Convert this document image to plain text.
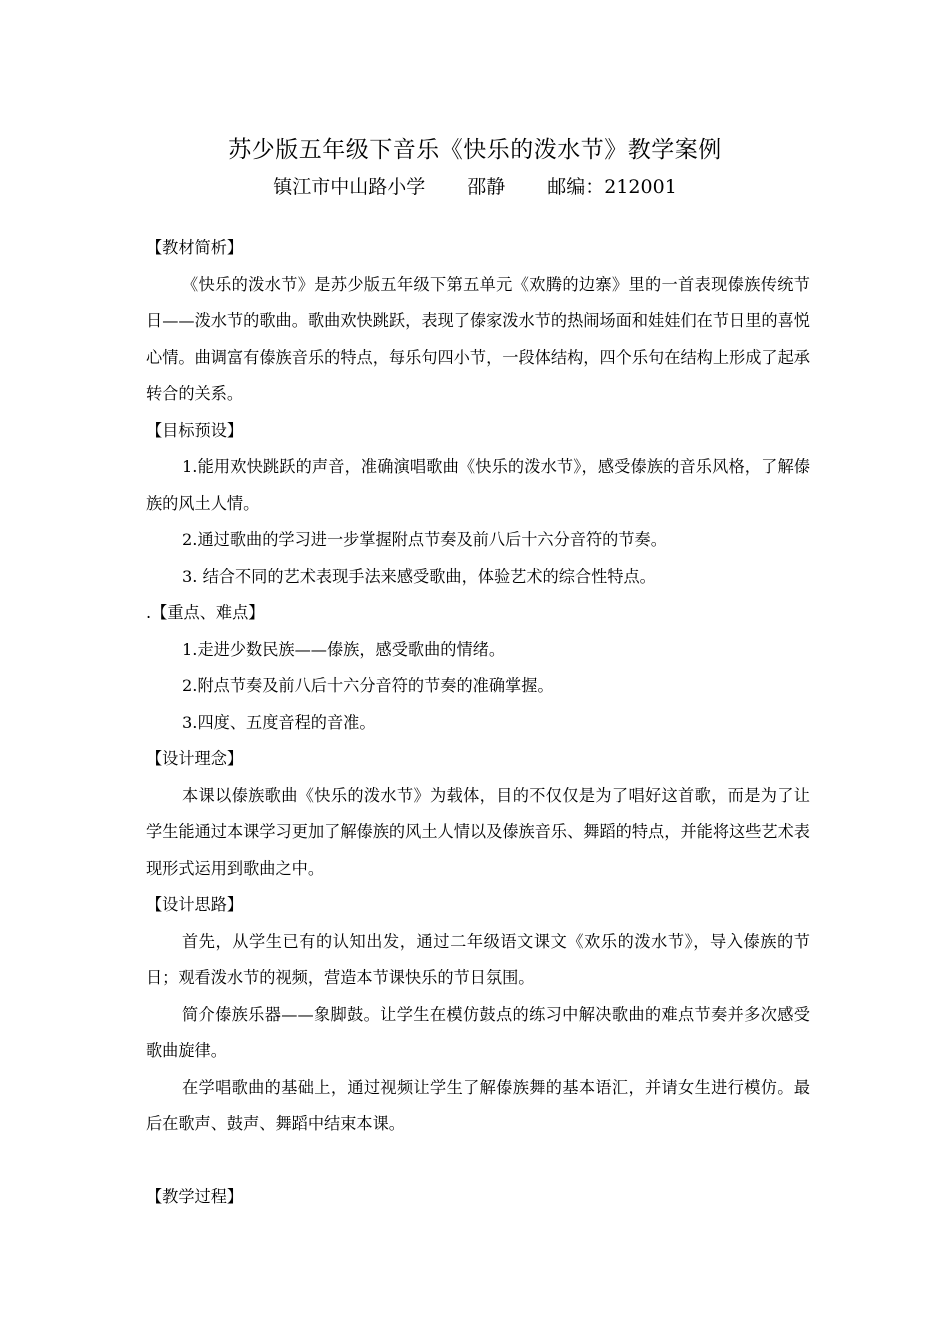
苏少版五年级下音乐《快乐的泼水节》教学案例
镇江市中山路小学 邵静 邮编：212001

【教材简析】

《快乐的泼水节》是苏少版五年级下第五单元《欢腾的边寨》里的一首表现傣族传统节日——泼水节的歌曲。歌曲欢快跳跃，表现了傣家泼水节的热闹场面和娃娃们在节日里的喜悦心情。曲调富有傣族音乐的特点，每乐句四小节，一段体结构，四个乐句在结构上形成了起承转合的关系。

【目标预设】

1.能用欢快跳跃的声音，准确演唱歌曲《快乐的泼水节》，感受傣族的音乐风格，了解傣族的风土人情。

2.通过歌曲的学习进一步掌握附点节奏及前八后十六分音符的节奏。

3. 结合不同的艺术表现手法来感受歌曲，体验艺术的综合性特点。

.【重点、难点】

1.走进少数民族——傣族，感受歌曲的情绪。

2.附点节奏及前八后十六分音符的节奏的准确掌握。

3.四度、五度音程的音准。

【设计理念】

本课以傣族歌曲《快乐的泼水节》为载体，目的不仅仅是为了唱好这首歌，而是为了让学生能通过本课学习更加了解傣族的风土人情以及傣族音乐、舞蹈的特点，并能将这些艺术表现形式运用到歌曲之中。

【设计思路】

首先，从学生已有的认知出发，通过二年级语文课文《欢乐的泼水节》，导入傣族的节日；观看泼水节的视频，营造本节课快乐的节日氛围。

简介傣族乐器——象脚鼓。让学生在模仿鼓点的练习中解决歌曲的难点节奏并多次感受歌曲旋律。

在学唱歌曲的基础上，通过视频让学生了解傣族舞的基本语汇，并请女生进行模仿。最后在歌声、鼓声、舞蹈中结束本课。

【教学过程】
